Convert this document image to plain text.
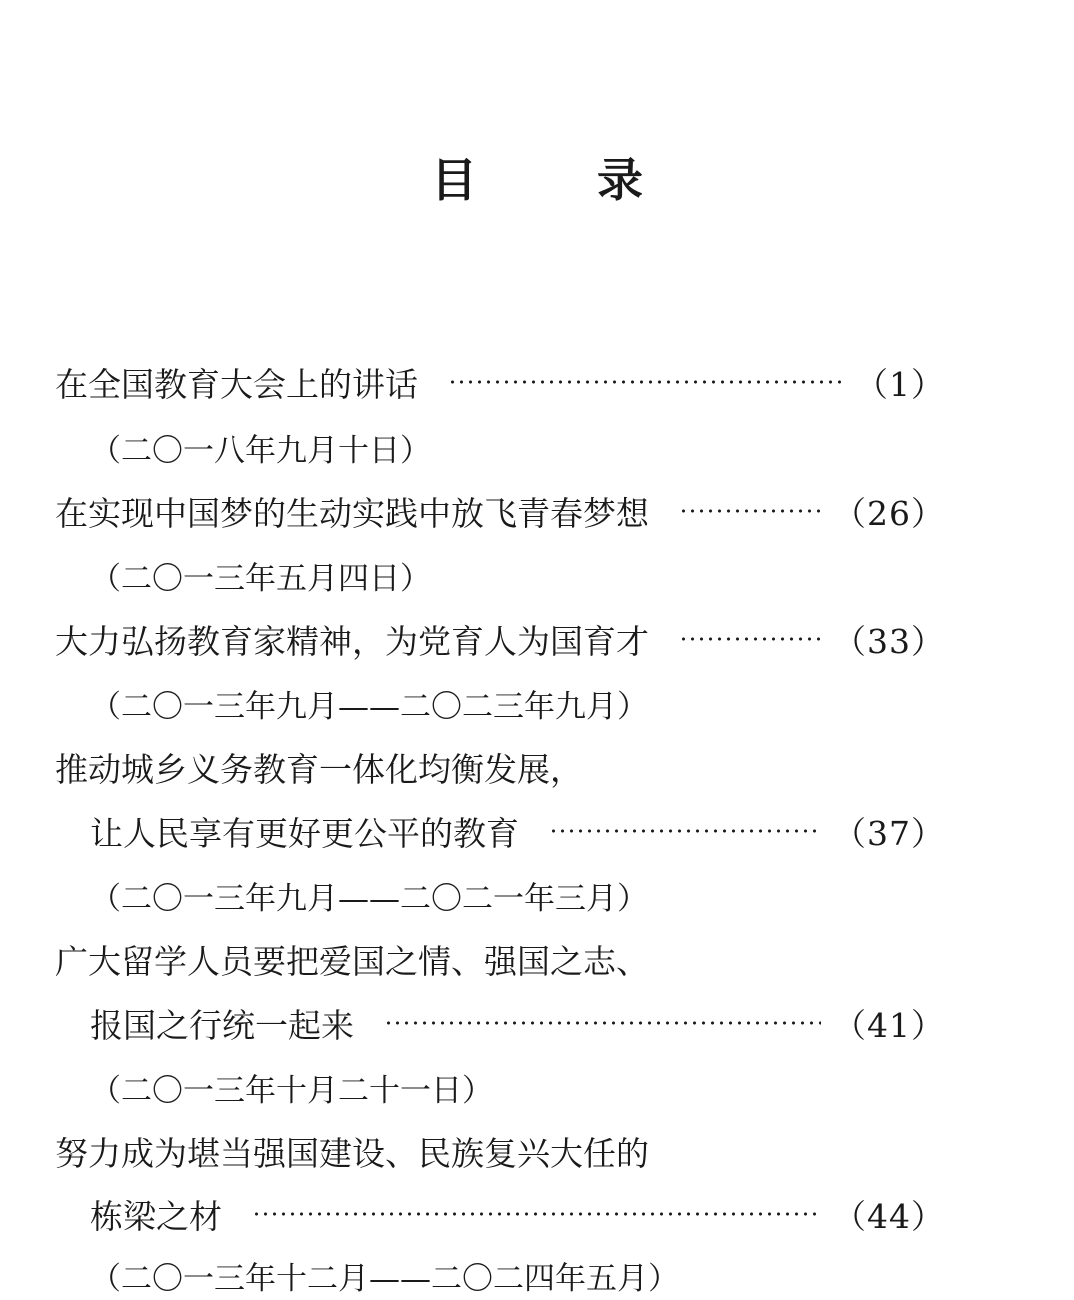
目	录
在全国教育大会上的讲话	（1）
（二〇一八年九月十日）
在实现中国梦的生动实践中放飞青春梦想	（26）
（二〇一三年五月四日）
大力弘扬教育家精神，为党育人为国育才	（33）
（二〇一三年九月——二〇二三年九月）
推动城乡义务教育一体化均衡发展，
让人民享有更好更公平的教育	（37）
（二〇一三年九月——二〇二一年三月）
广大留学人员要把爱国之情、强国之志、
报国之行统一起来	（41）
（二〇一三年十月二十一日）
努力成为堪当强国建设、民族复兴大任的
栋梁之材	（44）
（二〇一三年十二月——二〇二四年五月）
